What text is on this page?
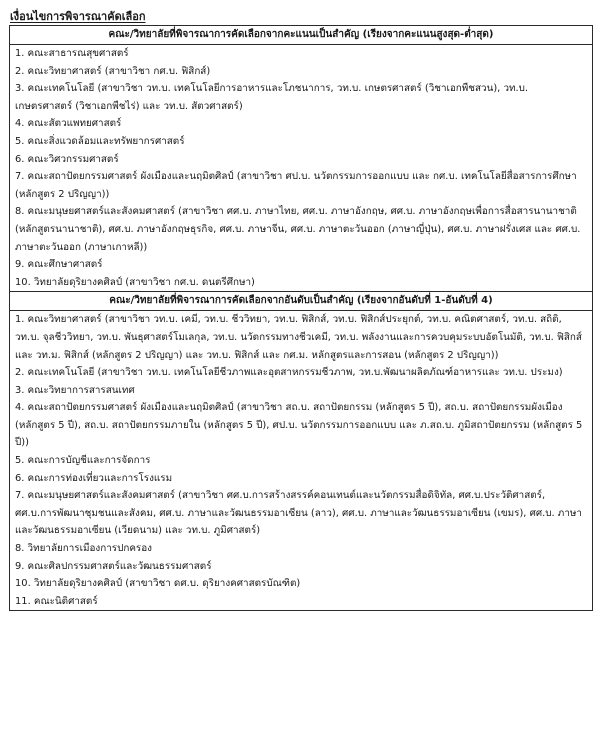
เงื่อนไขการพิจารณาคัดเลือก
คณะ/วิทยาลัยที่พิจารณาการคัดเลือกจากคะแนนเป็นสำคัญ (เรียงจากคะแนนสูงสุด-ต่ำสุด)

1. คณะสาธารณสุขศาสตร์

2. คณะวิทยาศาสตร์ (สาขาวิชา กศ.บ. ฟิสิกส์)

3. คณะเทคโนโลยี (สาขาวิชา วท.บ. เทคโนโลยีการอาหารและโภชนาการ, วท.บ. เกษตรศาสตร์ (วิชาเอกพืชสวน), วท.บ. เกษตรศาสตร์ (วิชาเอกพืชไร่) และ วท.บ. สัตวศาสตร์)

4. คณะสัตวแพทยศาสตร์

5. คณะสิ่งแวดล้อมและทรัพยากรศาสตร์

6. คณะวิศวกรรมศาสตร์

7. คณะสถาปัตยกรรมศาสตร์ ผังเมืองและนฤมิตศิลป์ (สาขาวิชา ศป.บ. นวัตกรรมการออกแบบ และ กศ.บ. เทคโนโลยีสื่อสารการศึกษา (หลักสูตร 2 ปริญญา))

8. คณะมนุษยศาสตร์และสังคมศาสตร์ (สาขาวิชา ศศ.บ. ภาษาไทย, ศศ.บ. ภาษาอังกฤษ, ศศ.บ. ภาษาอังกฤษเพื่อการสื่อสารนานาชาติ (หลักสูตรนานาชาติ), ศศ.บ. ภาษาอังกฤษธุรกิจ, ศศ.บ. ภาษาจีน, ศศ.บ. ภาษาตะวันออก (ภาษาญี่ปุ่น), ศศ.บ. ภาษาฝรั่งเศส และ ศศ.บ. ภาษาตะวันออก (ภาษาเกาหลี))

9. คณะศึกษาศาสตร์

10. วิทยาลัยดุริยางคศิลป์ (สาขาวิชา กศ.บ. ดนตรีศึกษา)

คณะ/วิทยาลัยที่พิจารณาการคัดเลือกจากอันดับเป็นสำคัญ (เรียงจากอันดับที่ 1-อันดับที่ 4)

1. คณะวิทยาศาสตร์ (สาขาวิชา วท.บ. เคมี, วท.บ. ชีววิทยา, วท.บ. ฟิสิกส์, วท.บ. ฟิสิกส์ประยุกต์, วท.บ. คณิตศาสตร์, วท.บ. สถิติ, วท.บ. จุลชีววิทยา, วท.บ. พันธุศาสตร์โมเลกุล, วท.บ. นวัตกรรมทางชีวเคมี, วท.บ. พลังงานและการควบคุมระบบอัตโนมัติ, วท.บ. ฟิสิกส์ และ วท.ม. ฟิสิกส์ (หลักสูตร 2 ปริญญา) และ วท.บ. ฟิสิกส์ และ กศ.ม. หลักสูตรและการสอน (หลักสูตร 2 ปริญญา))

2. คณะเทคโนโลยี (สาขาวิชา วท.บ. เทคโนโลยีชีวภาพและอุตสาหกรรมชีวภาพ, วท.บ.พัฒนาผลิตภัณฑ์อาหารและ วท.บ. ประมง)

3. คณะวิทยาการสารสนเทศ

4. คณะสถาปัตยกรรมศาสตร์ ผังเมืองและนฤมิตศิลป์ (สาขาวิชา สถ.บ. สถาปัตยกรรม (หลักสูตร 5 ปี), สถ.บ. สถาปัตยกรรมผังเมือง (หลักสูตร 5 ปี), สถ.บ. สถาปัตยกรรมภายใน (หลักสูตร 5 ปี), ศป.บ. นวัตกรรมการออกแบบ และ ภ.สถ.บ. ภูมิสถาปัตยกรรม (หลักสูตร 5 ปี))

5. คณะการบัญชีและการจัดการ

6. คณะการท่องเที่ยวและการโรงแรม

7. คณะมนุษยศาสตร์และสังคมศาสตร์ (สาขาวิชา ศศ.บ.การสร้างสรรค์คอนเทนต์และนวัตกรรมสื่อดิจิทัล, ศศ.บ.ประวัติศาสตร์, ศศ.บ.การพัฒนาชุมชนและสังคม, ศศ.บ. ภาษาและวัฒนธรรมอาเซียน (ลาว), ศศ.บ. ภาษาและวัฒนธรรมอาเซียน (เขมร), ศศ.บ. ภาษาและวัฒนธรรมอาเซียน (เวียดนาม) และ วท.บ. ภูมิศาสตร์)

8. วิทยาลัยการเมืองการปกครอง

9. คณะศิลปกรรมศาสตร์และวัฒนธรรมศาสตร์

10. วิทยาลัยดุริยางคศิลป์ (สาขาวิชา ดศ.บ. ดุริยางคศาสตรบัณฑิต)

11. คณะนิติศาสตร์
